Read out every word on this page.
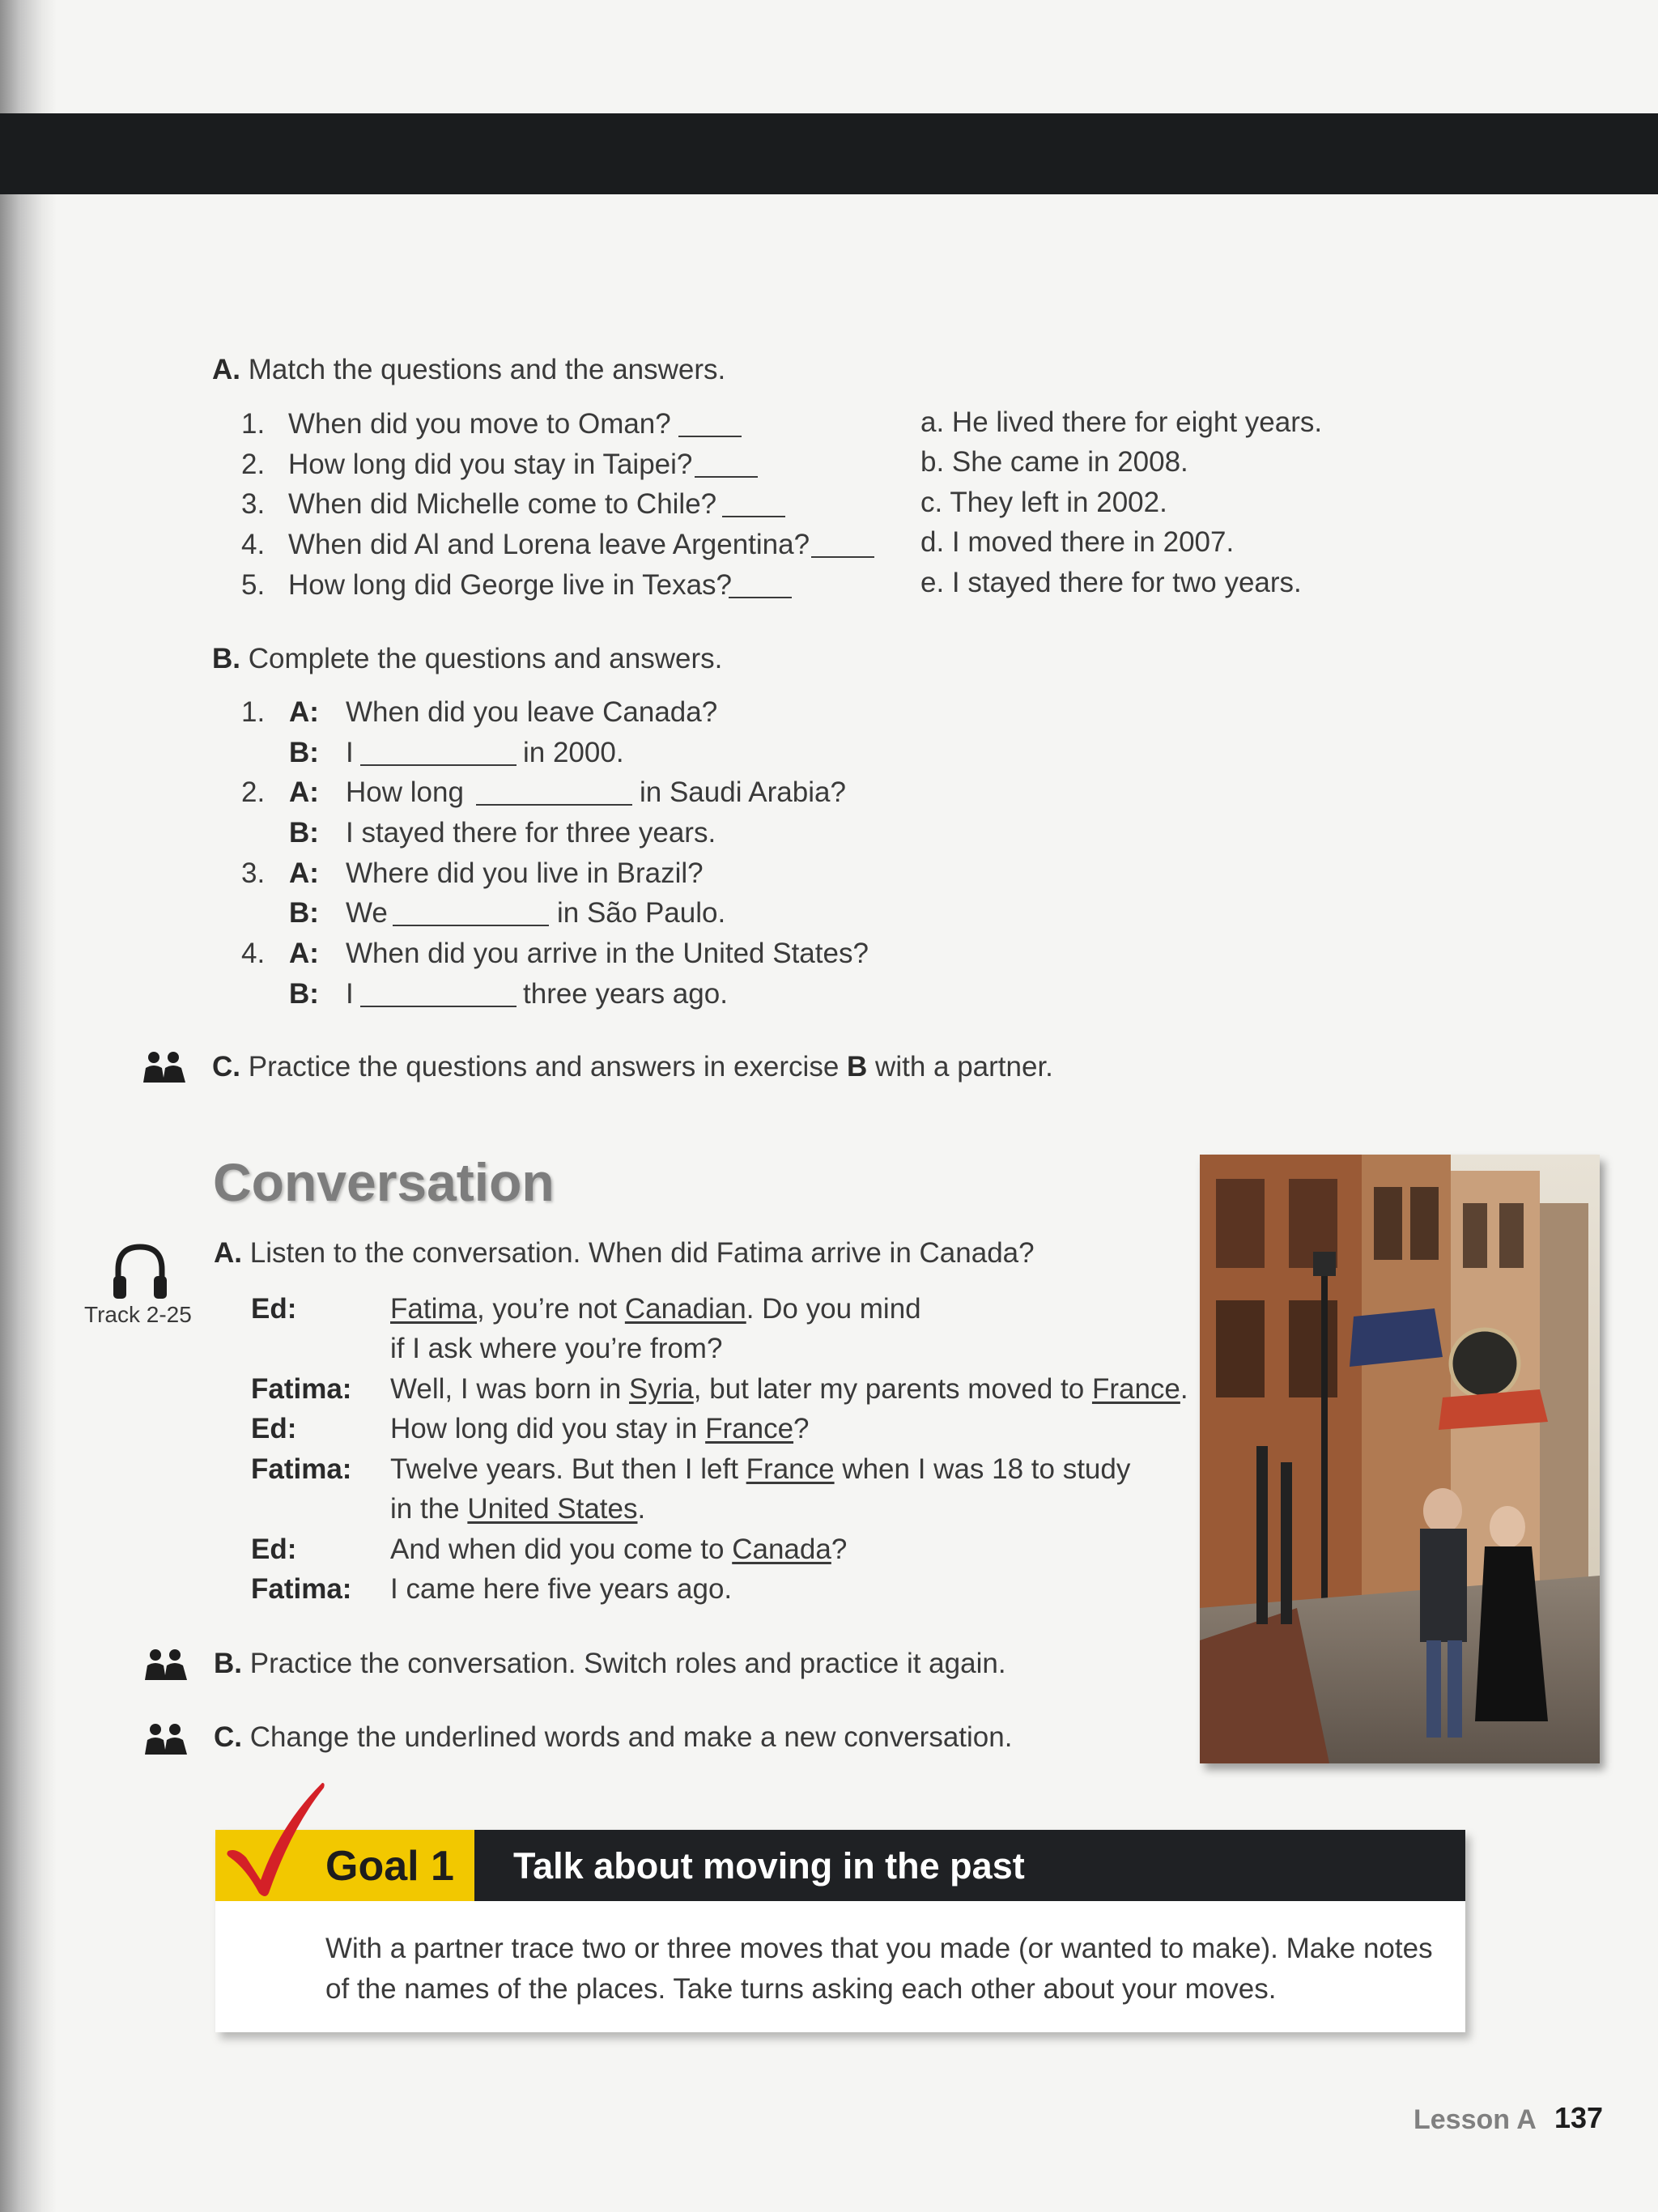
A. Match the questions and the answers.
1. When did you move to Oman?
2. How long did you stay in Taipei?
3. When did Michelle come to Chile?
4. When did Al and Lorena leave Argentina?
5. How long did George live in Texas?
a. He lived there for eight years.
b. She came in 2008.
c. They left in 2002.
d. I moved there in 2007.
e. I stayed there for two years.
B. Complete the questions and answers.
1. A: When did you leave Canada?
B: I	in 2000.
2. A: How long	in Saudi Arabia?
B: I stayed there for three years.
3. A: Where did you live in Brazil?
B: We	in São Paulo.
4. A: When did you arrive in the United States?
B: I	three years ago.
C. Practice the questions and answers in exercise B with a partner.
Conversation
Track 2-25
A. Listen to the conversation. When did Fatima arrive in Canada?
Ed:	Fatima, you’re not Canadian. Do you mind
if I ask where you’re from?
Fatima: Well, I was born in Syria, but later my parents moved to France.
Ed:	How long did you stay in France?
Fatima: Twelve years. But then I left France when I was 18 to study
in the United States.
Ed:	And when did you come to Canada?
Fatima: I came here five years ago.
B. Practice the conversation. Switch roles and practice it again.
C. Change the underlined words and make a new conversation.
Goal 1 Talk about moving in the past
With a partner trace two or three moves that you made (or wanted to make). Make notes
of the names of the places. Take turns asking each other about your moves.
Lesson A 137
